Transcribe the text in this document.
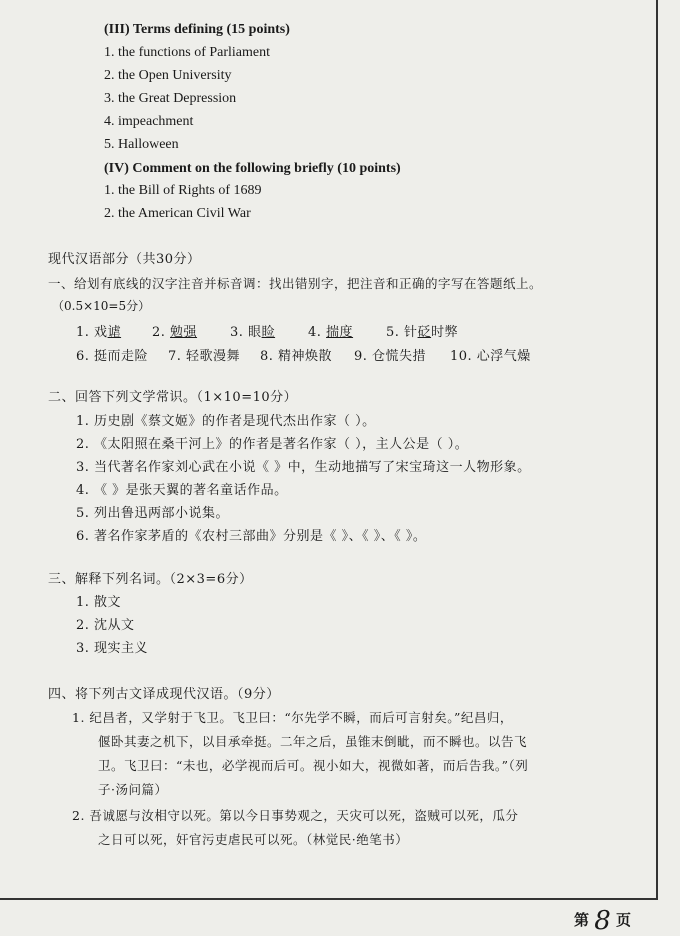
(III) Terms defining (15 points)
1. the functions of Parliament
2. the Open University
3. the Great Depression
4. impeachment
5. Halloween
(IV) Comment on the following briefly (10 points)
1. the Bill of Rights of 1689
2. the American Civil War
现代汉语部分（共30分）
一、给划有底线的汉字注音并标音调：找出错别字，把注音和正确的字写在答题纸上。
（0.5×10=5分）
1. 戏谑 2. 勉强	3. 眼睑	4. 揣度	5. 针砭时弊
6. 挺而走险 7. 轻歌漫舞 8. 精神焕散 9. 仓慌失措 10. 心浮气燥
二、回答下列文学常识。（1×10=10分）
1. 历史剧《蔡文姬》的作者是现代杰出作家（ ）。
2. 《太阳照在桑干河上》的作者是著名作家（ ），主人公是（ ）。
3. 当代著名作家刘心武在小说《 》中，生动地描写了宋宝琦这一人物形象。
4. 《 》是张天翼的著名童话作品。
5. 列出鲁迅两部小说集。
6. 著名作家茅盾的《农村三部曲》分别是《 》、《 》、《 》。
三、解释下列名词。（2×3=6分）
1. 散文
2. 沈从文
3. 现实主义
四、将下列古文译成现代汉语。（9分）
1. 纪昌者，又学射于飞卫。飞卫曰：“尔先学不瞬，而后可言射矣。”纪昌归，
偃卧其妻之机下，以目承牵挺。二年之后，虽锥末倒眦，而不瞬也。以告飞
卫。飞卫曰：“未也，必学视而后可。视小如大，视微如著，而后告我。”（列
子·汤问篇）
2. 吾诚愿与汝相守以死。第以今日事势观之，天灾可以死，盗贼可以死，瓜分
之日可以死，奸官污吏虐民可以死。（林觉民·绝笔书）
第 8 页
